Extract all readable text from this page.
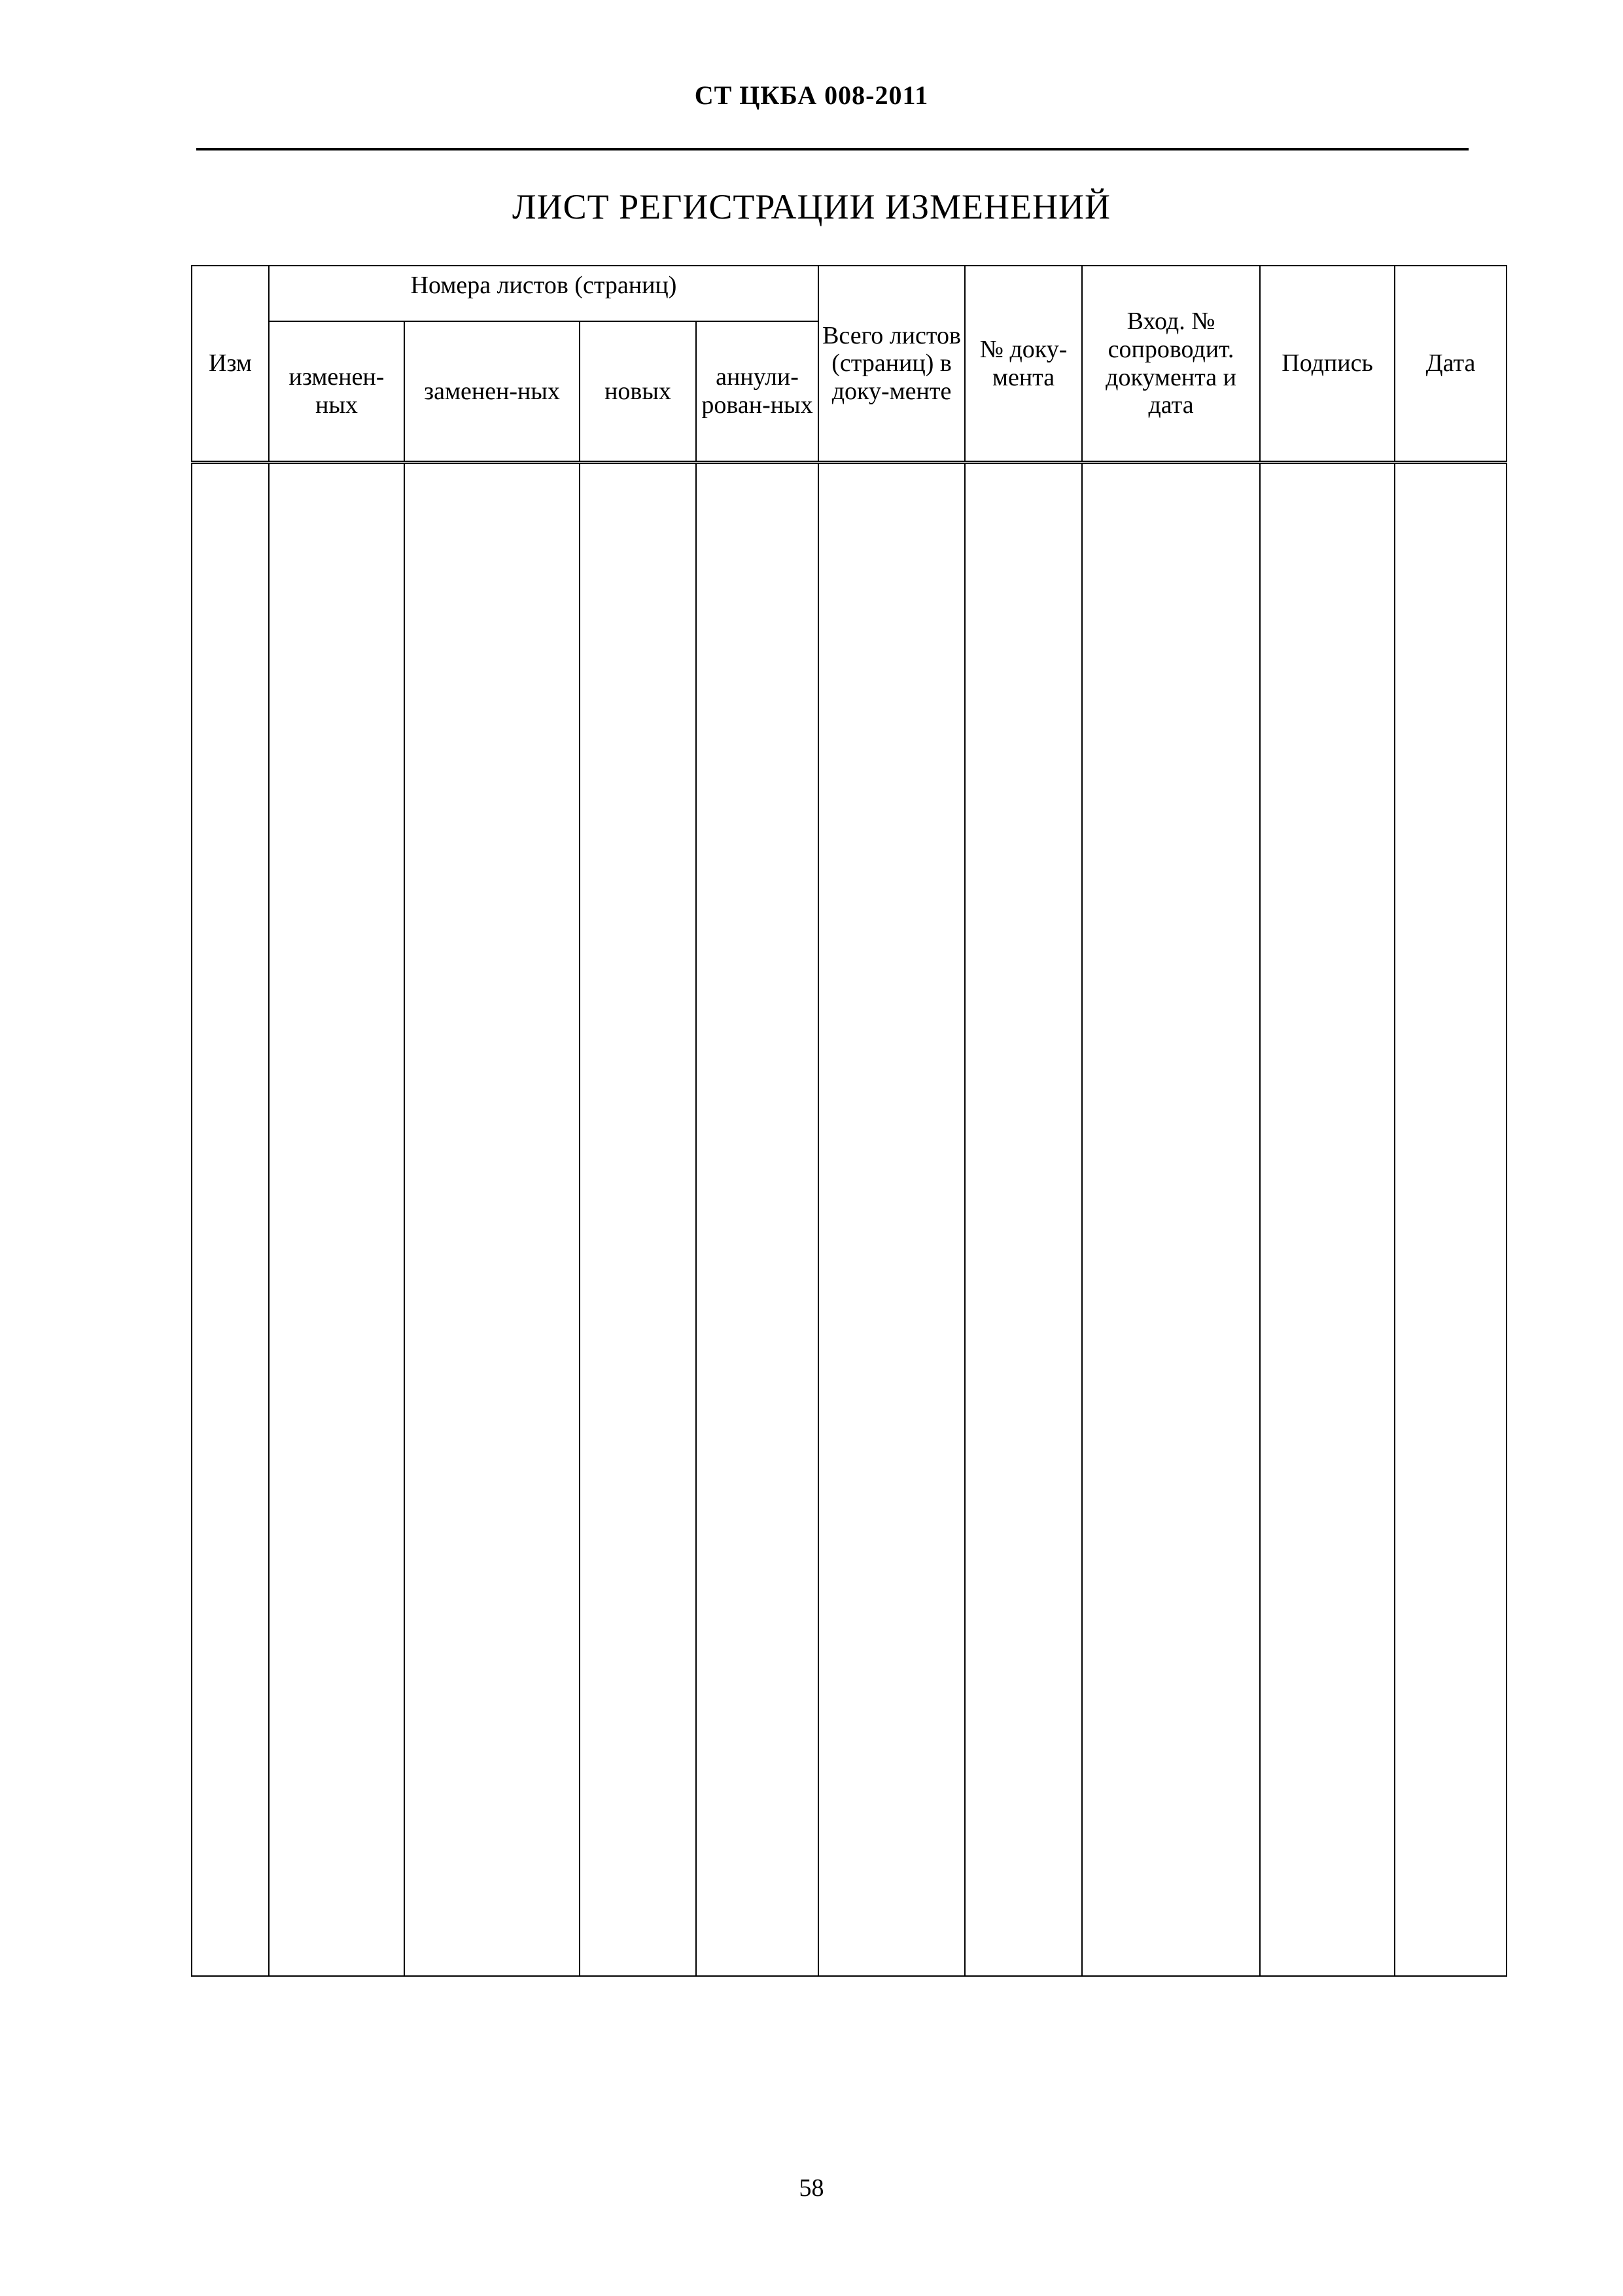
СТ ЦКБА 008-2011
ЛИСТ РЕГИСТРАЦИИ ИЗМЕНЕНИЙ
Изм	Номера листов (страниц)				Всего листов (страниц) в доку-менте	№ доку-мента	Вход. № сопроводит. документа и дата	Подпись	Дата
	изменен-ных	заменен-ных	новых	аннули-рован-ных					

58
